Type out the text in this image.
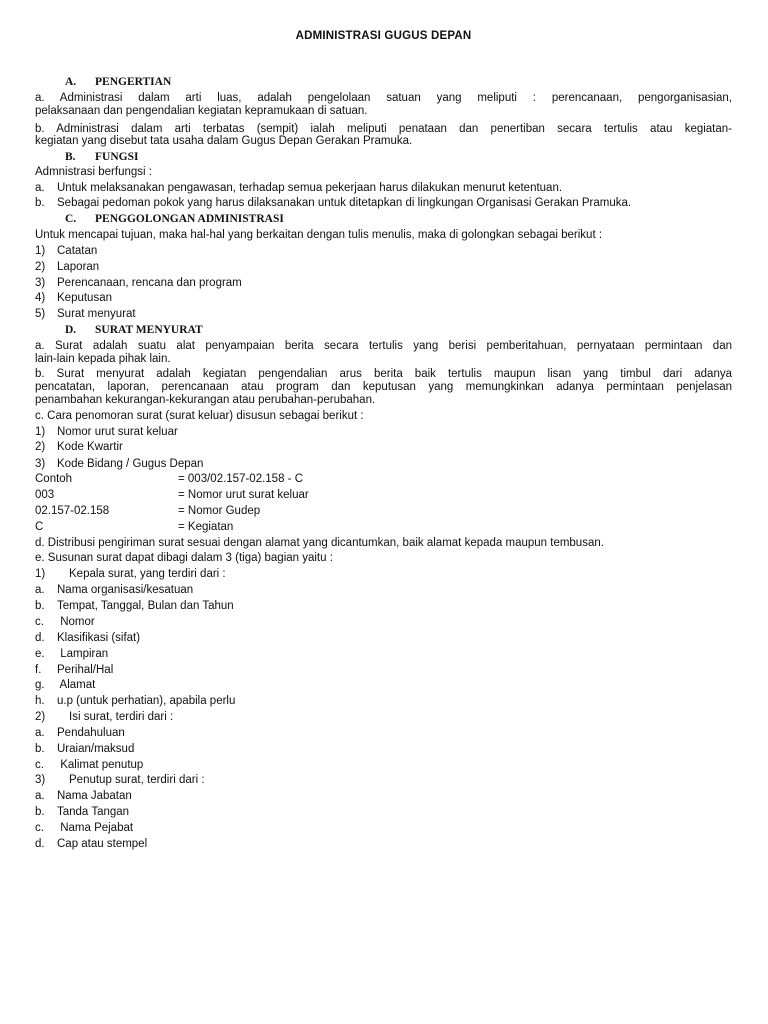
ADMINISTRASI GUGUS DEPAN
A. PENGERTIAN
a. Administrasi dalam arti luas, adalah pengelolaan satuan yang meliputi : perencanaan, pengorganisasian,
pelaksanaan dan pengendalian kegiatan kepramukaan di satuan.
b. Administrasi dalam arti terbatas (sempit) ialah meliputi penataan dan penertiban secara tertulis atau kegiatan-
kegiatan yang disebut tata usaha dalam Gugus Depan Gerakan Pramuka.
B. FUNGSI
Admnistrasi berfungsi :
a. Untuk melaksanakan pengawasan, terhadap semua pekerjaan harus dilakukan menurut ketentuan.
b. Sebagai pedoman pokok yang harus dilaksanakan untuk ditetapkan di lingkungan Organisasi Gerakan Pramuka.
C. PENGGOLONGAN ADMINISTRASI
Untuk mencapai tujuan, maka hal-hal yang berkaitan dengan tulis menulis, maka di golongkan sebagai berikut :
1) Catatan
2) Laporan
3) Perencanaan, rencana dan program
4) Keputusan
5) Surat menyurat
D. SURAT MENYURAT
a. Surat adalah suatu alat penyampaian berita secara tertulis yang berisi pemberitahuan, pernyataan permintaan dan
lain-lain kepada pihak lain.
b. Surat menyurat adalah kegiatan pengendalian arus berita baik tertulis maupun lisan yang timbul dari adanya
pencatatan, laporan, perencanaan atau program dan keputusan yang memungkinkan adanya permintaan penjelasan
penambahan kekurangan-kekurangan atau perubahan-perubahan.
c. Cara penomoran surat (surat keluar) disusun sebagai berikut :
1) Nomor urut surat keluar
2) Kode Kwartir
3) Kode Bidang / Gugus Depan
Contoh	= 003/02.157-02.158 - C
003	= Nomor urut surat keluar
02.157-02.158	= Nomor Gudep
C	= Kegiatan
d. Distribusi pengiriman surat sesuai dengan alamat yang dicantumkan, baik alamat kepada maupun tembusan.
e. Susunan surat dapat dibagi dalam 3 (tiga) bagian yaitu :
1) Kepala surat, yang terdiri dari :
a. Nama organisasi/kesatuan
b. Tempat, Tanggal, Bulan dan Tahun
c. Nomor
d. Klasifikasi (sifat)
e. Lampiran
f. Perihal/Hal
g. Alamat
h. u.p (untuk perhatian), apabila perlu
2) Isi surat, terdiri dari :
a. Pendahuluan
b. Uraian/maksud
c. Kalimat penutup
3) Penutup surat, terdiri dari :
a. Nama Jabatan
b. Tanda Tangan
c. Nama Pejabat
d. Cap atau stempel
